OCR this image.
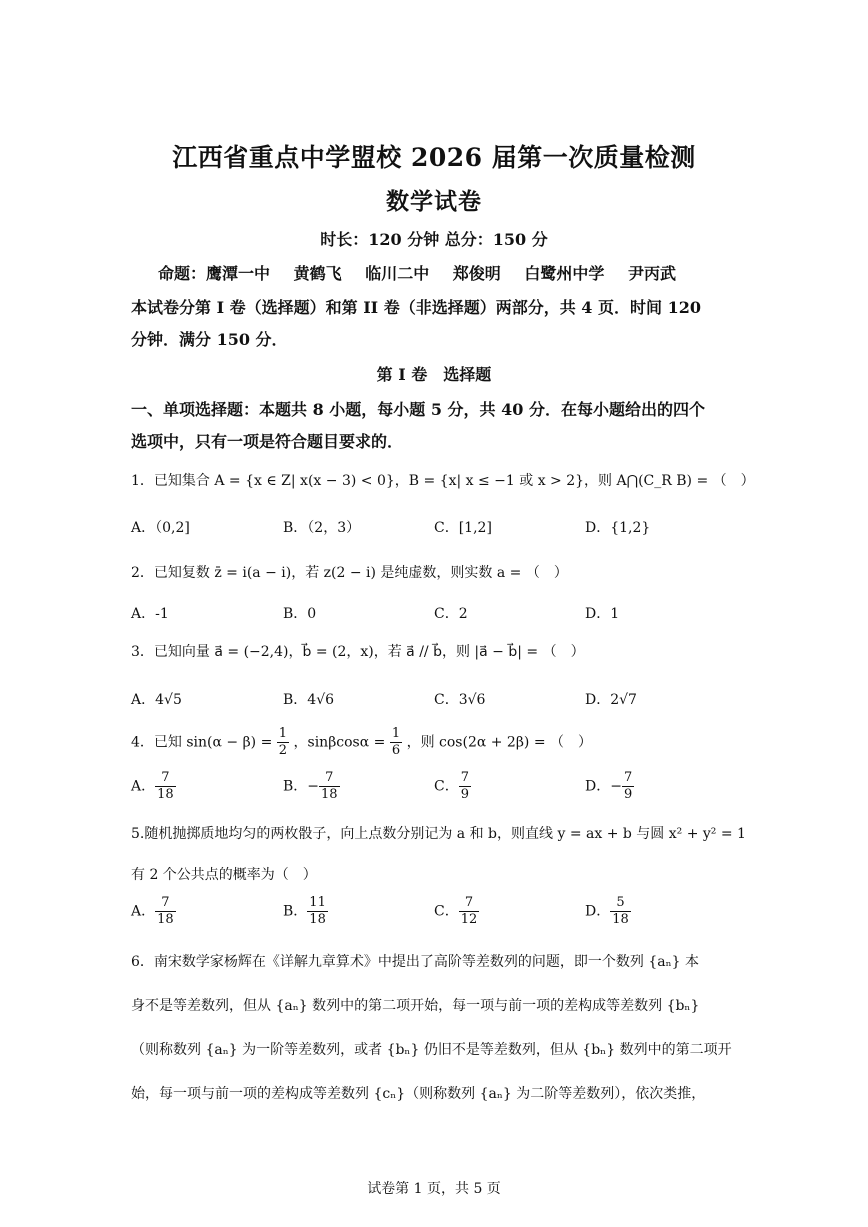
江西省重点中学盟校 2026 届第一次质量检测
数学试卷
时长：120 分钟 总分：150 分
命题：鹰潭一中 黄鹤飞 临川二中 郑俊明 白鹭州中学 尹丙武
本试卷分第 I 卷（选择题）和第 II 卷（非选择题）两部分，共 4 页．时间 120
分钟．满分 150 分．
第 I 卷　选择题
一、单项选择题：本题共 8 小题，每小题 5 分，共 40 分．在每小题给出的四个
选项中，只有一项是符合题目要求的．
1．已知集合 A = {x ∈ Z| x(x − 3) < 0}，B = {x| x ≤ −1 或 x > 2}，则 A⋂(C_R B) = （　）
A．（0,2]	B．（2，3）	C．[1,2]	D．{1,2}
2．已知复数 z̄ = i(a − i)，若 z(2 − i) 是纯虚数，则实数 a = （　）
A．-1	B．0	C．2	D．1
3．已知向量 a⃗ = (−2,4)，b⃗ = (2，x)，若 a⃗ // b⃗，则 |a⃗ − b⃗| = （　）
A．4√5	B．4√6	C．3√6	D．2√7
4．已知 $\sin(\alpha - \beta) = \frac{1}{2}$ ，$\sin\beta\cos\alpha = \frac{1}{6}$ ，则 cos(2α + 2β) = （　）
A． $\frac{7}{18}$	B．− $\frac{7}{18}$	C． $\frac{7}{9}$	D．− $\frac{7}{9}$
5.随机抛掷质地均匀的两枚骰子，向上点数分别记为 a 和 b，则直线 y = ax + b 与圆 x² + y² = 1
有 2 个公共点的概率为（　）
A． $\frac{7}{18}$	B． $\frac{11}{18}$	C． $\frac{7}{12}$	D． $\frac{5}{18}$
6．南宋数学家杨辉在《详解九章算术》中提出了高阶等差数列的问题，即一个数列 {aₙ} 本
身不是等差数列，但从 {aₙ} 数列中的第二项开始，每一项与前一项的差构成等差数列 {bₙ}
（则称数列 {aₙ} 为一阶等差数列，或者 {bₙ} 仍旧不是等差数列，但从 {bₙ} 数列中的第二项开
始，每一项与前一项的差构成等差数列 {cₙ}（则称数列 {aₙ} 为二阶等差数列），依次类推，
试卷第 1 页，共 5 页
